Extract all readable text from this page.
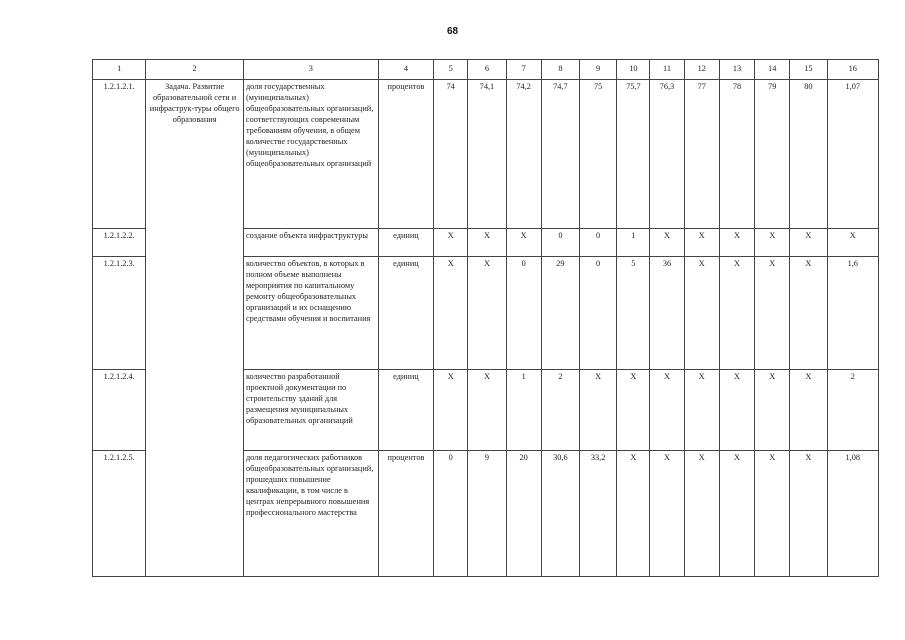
68
1	2	3	4	5	6	7	8	9	10	11	12	13	14	15	16
1.2.1.2.1.	Задача. Развитие образовательной сети и инфраструк-туры общего образования	доля государственных (муниципальных) общеобразовательных организаций, соответствующих современным требованиям обучения, в общем количестве государственных (муниципальных) общеобразовательных организаций	процентов	74	74,1	74,2	74,7	75	75,7	76,3	77	78	79	80	1,07
1.2.1.2.2.		создание объекта инфраструктуры	единиц	X	X	X	0	0	1	X	X	X	X	X	X
1.2.1.2.3.		количество объектов, в которых в полном объеме выполнены мероприятия по капитальному ремонту общеобразовательных организаций и их оснащению средствами обучения и воспитания	единиц	X	X	0	29	0	5	36	X	X	X	X	1,6
1.2.1.2.4.		количество разработанной проектной документации по строительству зданий для размещения муниципальных образовательных организаций	единиц	X	X	1	2	X	X	X	X	X	X	X	2
1.2.1.2.5.		доля педагогических работников общеобразовательных организаций, прошедших повышение квалификации, в том числе в центрах непрерывного повышения профессионального мастерства	процентов	0	9	20	30,6	33,2	X	X	X	X	X	X	1,08
